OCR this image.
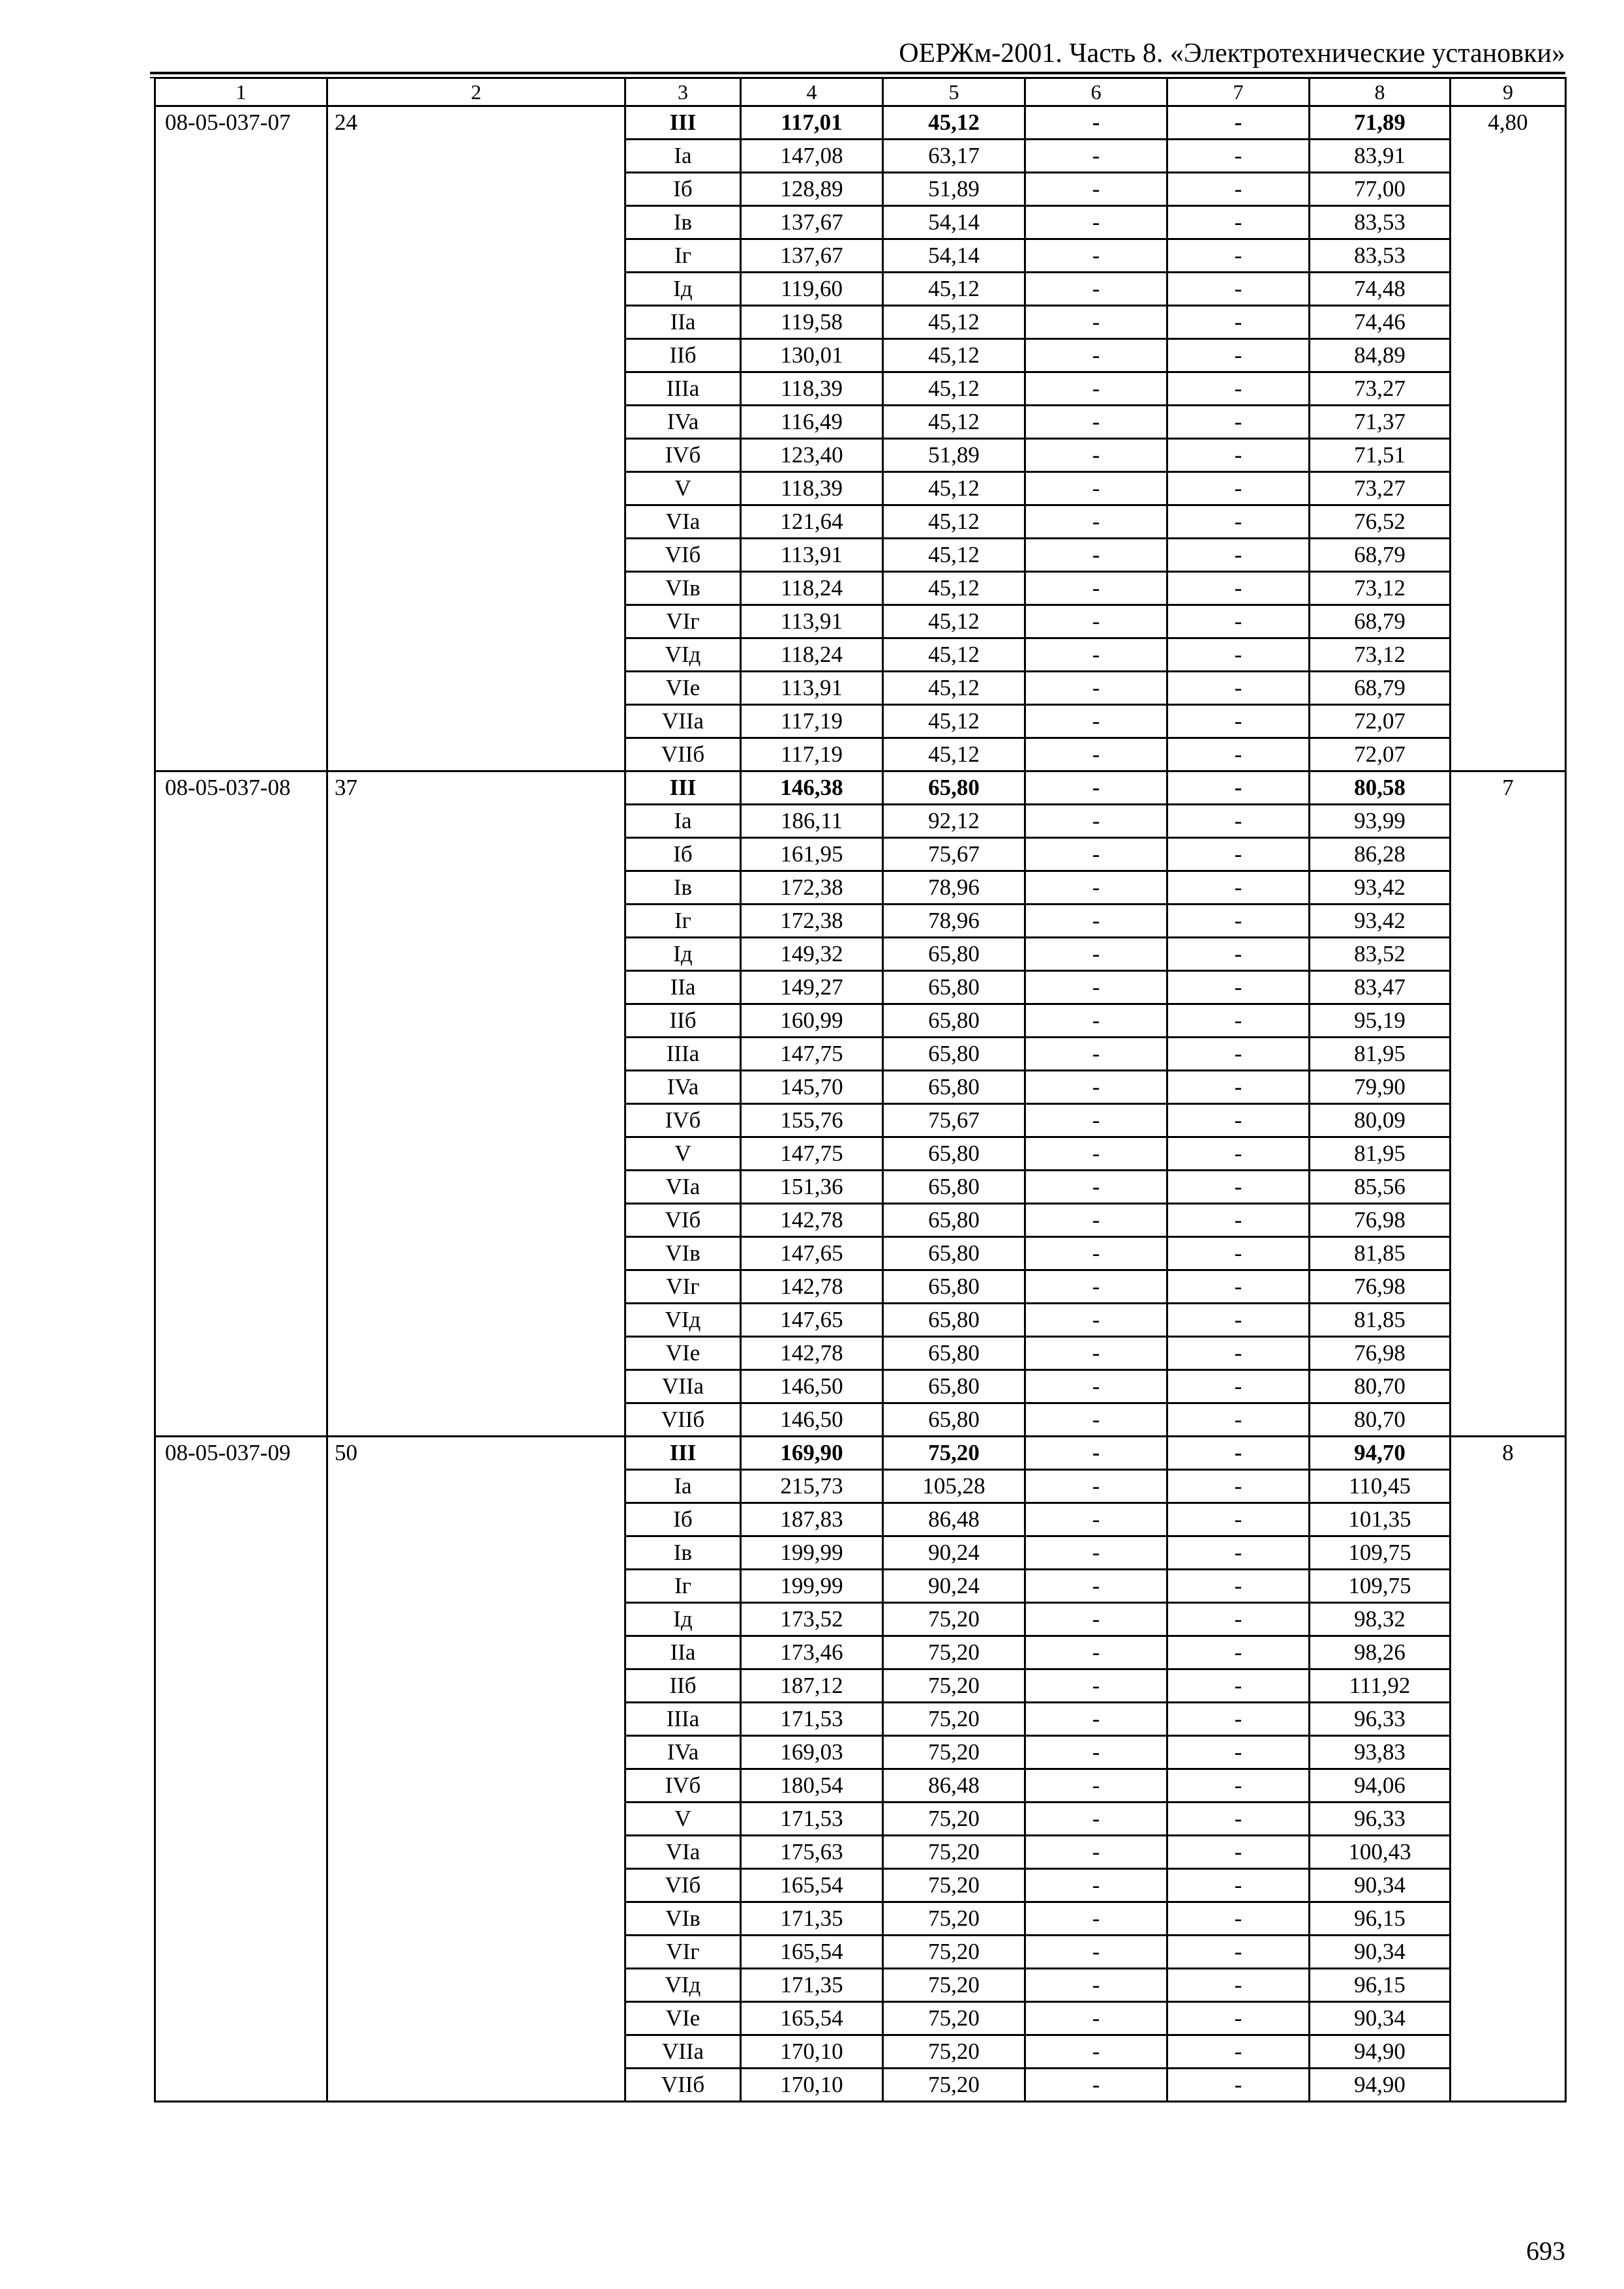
ОЕРЖм-2001. Часть 8. «Электротехнические установки»
1	2	3	4	5	6	7	8	9
08-05-037-07	24	III	117,01	45,12	-	-	71,89	4,80
		Ia	147,08	63,17	-	-	83,91	
		Iб	128,89	51,89	-	-	77,00	
		Iв	137,67	54,14	-	-	83,53	
		Iг	137,67	54,14	-	-	83,53	
		Iд	119,60	45,12	-	-	74,48	
		IIa	119,58	45,12	-	-	74,46	
		IIб	130,01	45,12	-	-	84,89	
		IIIa	118,39	45,12	-	-	73,27	
		IVa	116,49	45,12	-	-	71,37	
		IVб	123,40	51,89	-	-	71,51	
		V	118,39	45,12	-	-	73,27	
		VIa	121,64	45,12	-	-	76,52	
		VIб	113,91	45,12	-	-	68,79	
		VIв	118,24	45,12	-	-	73,12	
		VIг	113,91	45,12	-	-	68,79	
		VIд	118,24	45,12	-	-	73,12	
		VIе	113,91	45,12	-	-	68,79	
		VIIa	117,19	45,12	-	-	72,07	
		VIIб	117,19	45,12	-	-	72,07	
08-05-037-08	37	III	146,38	65,80	-	-	80,58	7
		Ia	186,11	92,12	-	-	93,99	
		Iб	161,95	75,67	-	-	86,28	
		Iв	172,38	78,96	-	-	93,42	
		Iг	172,38	78,96	-	-	93,42	
		Iд	149,32	65,80	-	-	83,52	
		IIa	149,27	65,80	-	-	83,47	
		IIб	160,99	65,80	-	-	95,19	
		IIIa	147,75	65,80	-	-	81,95	
		IVa	145,70	65,80	-	-	79,90	
		IVб	155,76	75,67	-	-	80,09	
		V	147,75	65,80	-	-	81,95	
		VIa	151,36	65,80	-	-	85,56	
		VIб	142,78	65,80	-	-	76,98	
		VIв	147,65	65,80	-	-	81,85	
		VIг	142,78	65,80	-	-	76,98	
		VIд	147,65	65,80	-	-	81,85	
		VIе	142,78	65,80	-	-	76,98	
		VIIa	146,50	65,80	-	-	80,70	
		VIIб	146,50	65,80	-	-	80,70	
08-05-037-09	50	III	169,90	75,20	-	-	94,70	8
		Ia	215,73	105,28	-	-	110,45	
		Iб	187,83	86,48	-	-	101,35	
		Iв	199,99	90,24	-	-	109,75	
		Iг	199,99	90,24	-	-	109,75	
		Iд	173,52	75,20	-	-	98,32	
		IIa	173,46	75,20	-	-	98,26	
		IIб	187,12	75,20	-	-	111,92	
		IIIa	171,53	75,20	-	-	96,33	
		IVa	169,03	75,20	-	-	93,83	
		IVб	180,54	86,48	-	-	94,06	
		V	171,53	75,20	-	-	96,33	
		VIa	175,63	75,20	-	-	100,43	
		VIб	165,54	75,20	-	-	90,34	
		VIв	171,35	75,20	-	-	96,15	
		VIг	165,54	75,20	-	-	90,34	
		VIд	171,35	75,20	-	-	96,15	
		VIе	165,54	75,20	-	-	90,34	
		VIIa	170,10	75,20	-	-	94,90	
		VIIб	170,10	75,20	-	-	94,90	
693
